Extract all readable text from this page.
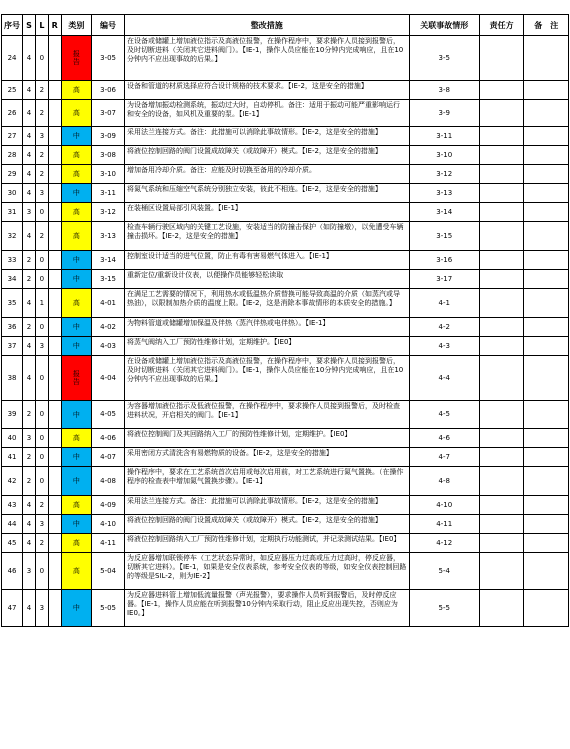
序号	S	L	R	类别	编号	整改措施	关联事故情形	责任方	备　注
24	4	0		报告	3-05	在设备或储罐上增加液位指示及高液位报警，在操作程序中，要求操作人员接到报警后，及时切断进料（关闭其它进料阀门）。【IE-1，操作人员应能在10分钟内完成响应，且在10分钟内不应出现事故的后果。】	3-5		
25	4	2		高	3-06	设备和管道的材质选择应符合设计规格的技术要求。【IE-2，这是安全的措施】	3-8		
26	4	2		高	3-07	为设备增加振动检测系统，振动过大时，自动停机。备注：适用于振动可能严重影响运行和安全的设备，如风机及重要的泵。【IE-1】	3-9		
27	4	3		中	3-09	采用法兰连接方式。备注：此措施可以消除此事故情形。【IE-2，这是安全的措施】	3-11		
28	4	2		高	3-08	将液位控制回路的阀门设置成故障关（或故障开）模式。【IE-2，这是安全的措施】	3-10		
29	4	2		高	3-10	增加备用冷却介质。备注：应能及时切换至备用的冷却介质。	3-12		
30	4	3		中	3-11	将氮气系统和压缩空气系统分别独立安装，彼此不相连。【IE-2，这是安全的措施】	3-13		
31	3	0		高	3-12	在装桶区设置局部引风装置。【IE-1】	3-14		
32	4	2		高	3-13	检查车辆行驶区域内的关键工艺设施，安装适当的防撞击保护（如防撞墩），以免遭受车辆撞击损坏。【IE-2，这是安全的措施】	3-15		
33	2	0		中	3-14	控制室设计适当的进气位置，防止有毒有害易燃气体进入。【IE-1】	3-16		
34	2	0		中	3-15	重新定位/重新设计仪表，以便操作员能够轻松读取	3-17		
35	4	1		高	4-01	在满足工艺需要的情况下，利用热水或低温热介质替换可能导致高温的介质（如蒸汽或导热油），以限制加热介质的温度上限。【IE-2，这是消除本事故情形的本质安全的措施。】	4-1		
36	2	0		中	4-02	为物料管道或储罐增加保温及伴热（蒸汽伴热或电伴热）。【IE-1】	4-2		
37	4	3		中	4-03	将蒸气阀纳入工厂预防性维修计划，定期维护。【IE0】	4-3		
38	4	0		报告	4-04	在设备或储罐上增加液位指示及高液位报警，在操作程序中，要求操作人员接到报警后，及时切断进料（关闭其它进料阀门）。【IE-1，操作人员应能在10分钟内完成响应，且在10分钟内不应出现事故的后果。】	4-4		
39	2	0		中	4-05	为容器增加液位指示及低液位报警，在操作程序中，要求操作人员接到报警后，及时检查进料状况，开启相关的阀门。【IE-1】	4-5		
40	3	0		高	4-06	将液位控制阀门及其回路纳入工厂的预防性维修计划，定期维护。【IE0】	4-6		
41	2	0		中	4-07	采用密闭方式清洗含有易燃物质的设备。【IE-2，这是安全的措施】	4-7		
42	2	0		中	4-08	操作程序中，要求在工艺系统首次启用或每次启用前，对工艺系统进行氮气置换。（在操作程序的检查表中增加氮气置换步骤）。【IE-1】	4-8		
43	4	2		高	4-09	采用法兰连接方式。备注：此措施可以消除此事故情形。【IE-2，这是安全的措施】	4-10		
44	4	3		中	4-10	将液位控制回路的阀门设置成故障关（或故障开）模式。【IE-2，这是安全的措施】	4-11		
45	4	2		高	4-11	将液位控制回路纳入工厂预防性维修计划，定期执行功能测试，并记录测试结果。【IE0】	4-12		
46	3	0		高	5-04	为反应器增加联锁停车（工艺状态异常时，如反应器压力过高或压力过高时，停反应器，切断其它进料）。【IE-1，如果是安全仪表系统，参考安全仪表的等级，如安全仪表控制回路的等级是SIL-2，则为IE-2】	5-4		
47	4	3		中	5-05	为反应器进料管上增加低流量报警（声光报警），要求操作人员听到报警后，及时停反应器。【IE-1，操作人员应能在听到报警10分钟内采取行动，阻止反应出现失控，否则应为IE0。】	5-5		
